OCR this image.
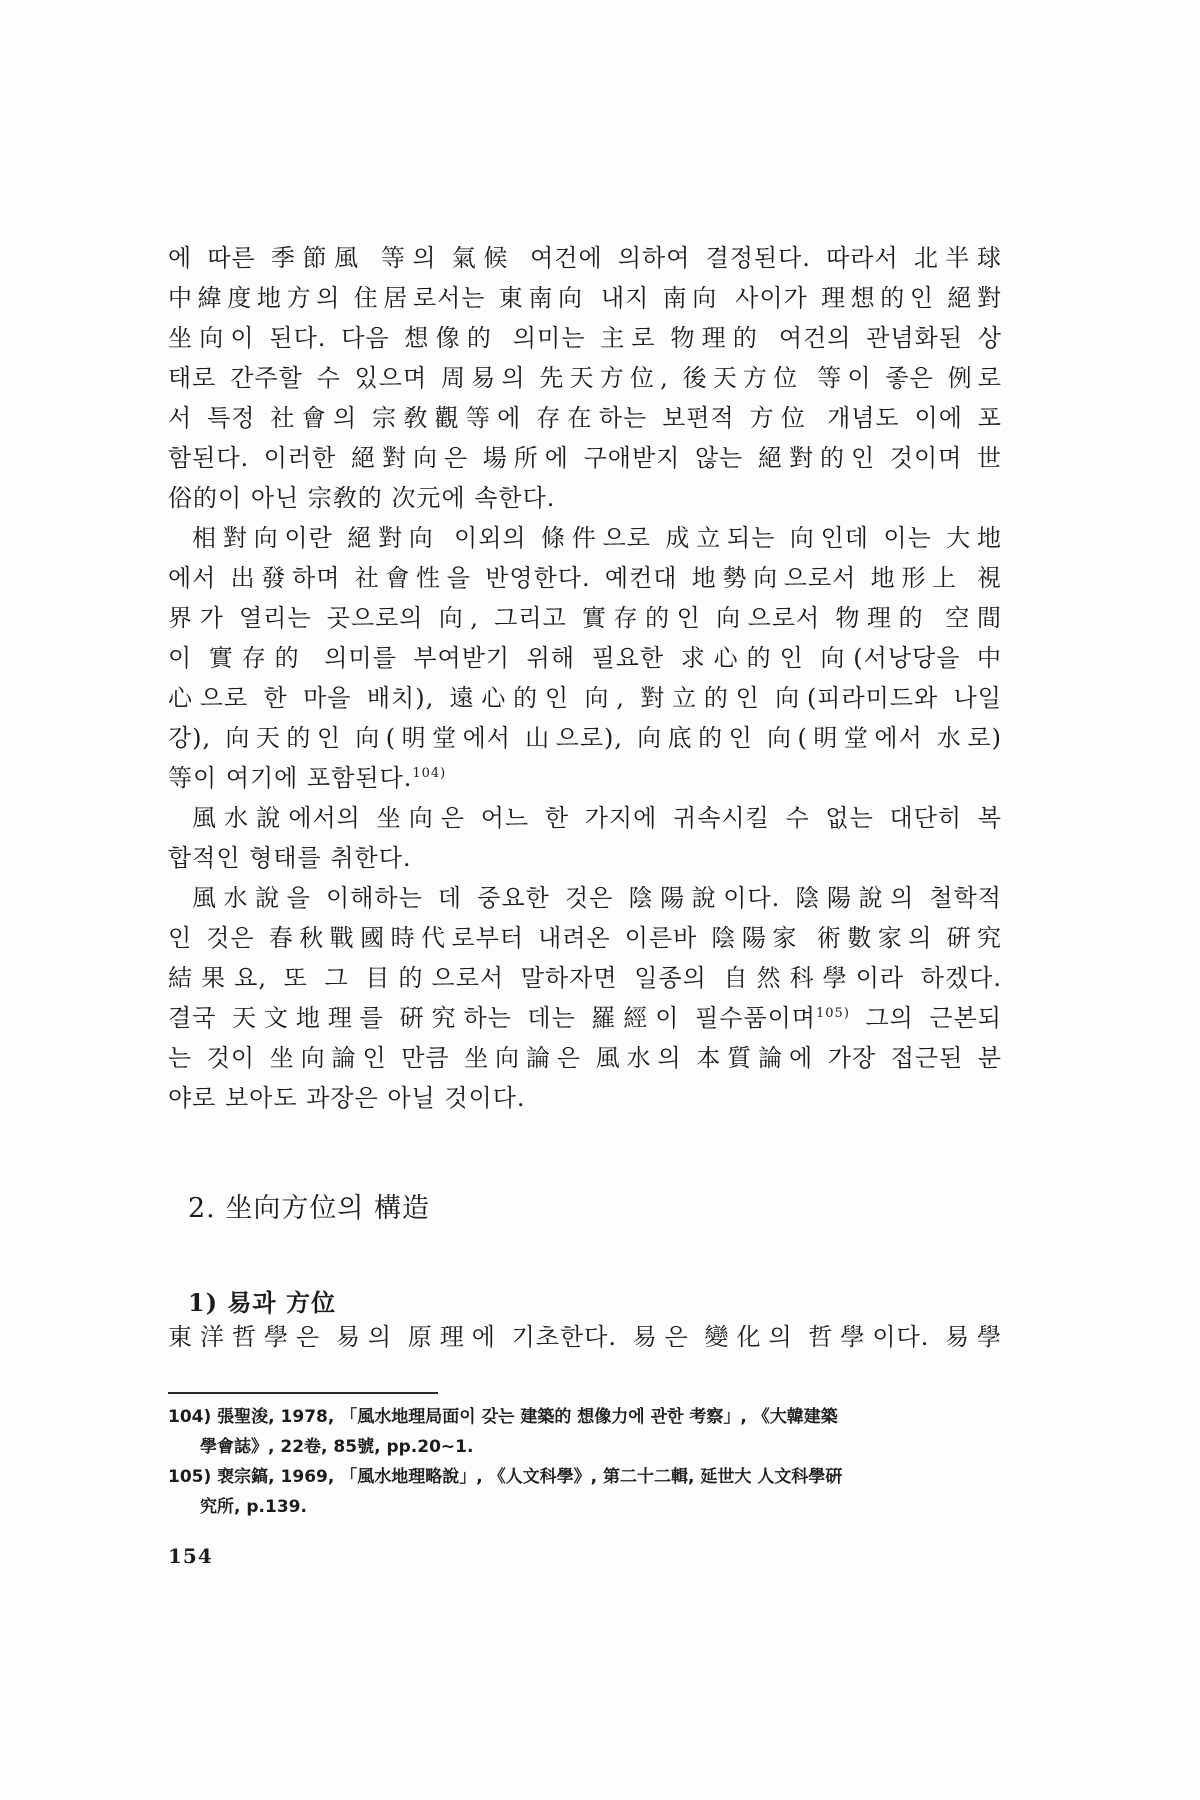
에 따른 季節風 等의 氣候 여건에 의하여 결정된다. 따라서 北半球
中緯度地方의 住居로서는 東南向 내지 南向 사이가 理想的인 絕對
坐向이 된다. 다음 想像的 의미는 主로 物理的 여건의 관념화된 상
태로 간주할 수 있으며 周易의 先天方位, 後天方位 等이 좋은 例로
서 특정 社會의 宗敎觀等에 存在하는 보편적 方位 개념도 이에 포
함된다. 이러한 絕對向은 場所에 구애받지 않는 絕對的인 것이며 世
俗的이 아닌 宗敎的 次元에 속한다.
相對向이란 絕對向 이외의 條件으로 成立되는 向인데 이는 大地
에서 出發하며 社會性을 반영한다. 예컨대 地勢向으로서 地形上 視
界가 열리는 곳으로의 向, 그리고 實存的인 向으로서 物理的 空間
이 實存的 의미를 부여받기 위해 필요한 求心的인 向(서낭당을 中
心으로 한 마을 배치), 遠心的인 向, 對立的인 向(피라미드와 나일
강), 向天的인 向(明堂에서 山으로), 向底的인 向(明堂에서 水로)
等이 여기에 포함된다.$^{104)}$
風水說에서의 坐向은 어느 한 가지에 귀속시킬 수 없는 대단히 복
합적인 형태를 취한다.
風水說을 이해하는 데 중요한 것은 陰陽說이다. 陰陽說의 철학적
인 것은 春秋戰國時代로부터 내려온 이른바 陰陽家 術數家의 硏究
結果요, 또 그 目的으로서 말하자면 일종의 自然科學이라 하겠다.
결국 天文地理를 硏究하는 데는 羅經이 필수품이며$^{105)}$ 그의 근본되
는 것이 坐向論인 만큼 坐向論은 風水의 本質論에 가장 접근된 분
야로 보아도 과장은 아닐 것이다.
2. 坐向方位의 構造
1) 易과 方位
東洋哲學은 易의 原理에 기초한다. 易은 變化의 哲學이다. 易學
104) 張聖浚, 1978, 「風水地理局面이 갖는 建築的 想像力에 관한 考察」, 《大韓建築
學會誌》, 22卷, 85號, pp.20~1.
105) 裵宗鎬, 1969, 「風水地理略說」, 《人文科學》, 第二十二輯, 延世大 人文科學硏
究所, p.139.
154
